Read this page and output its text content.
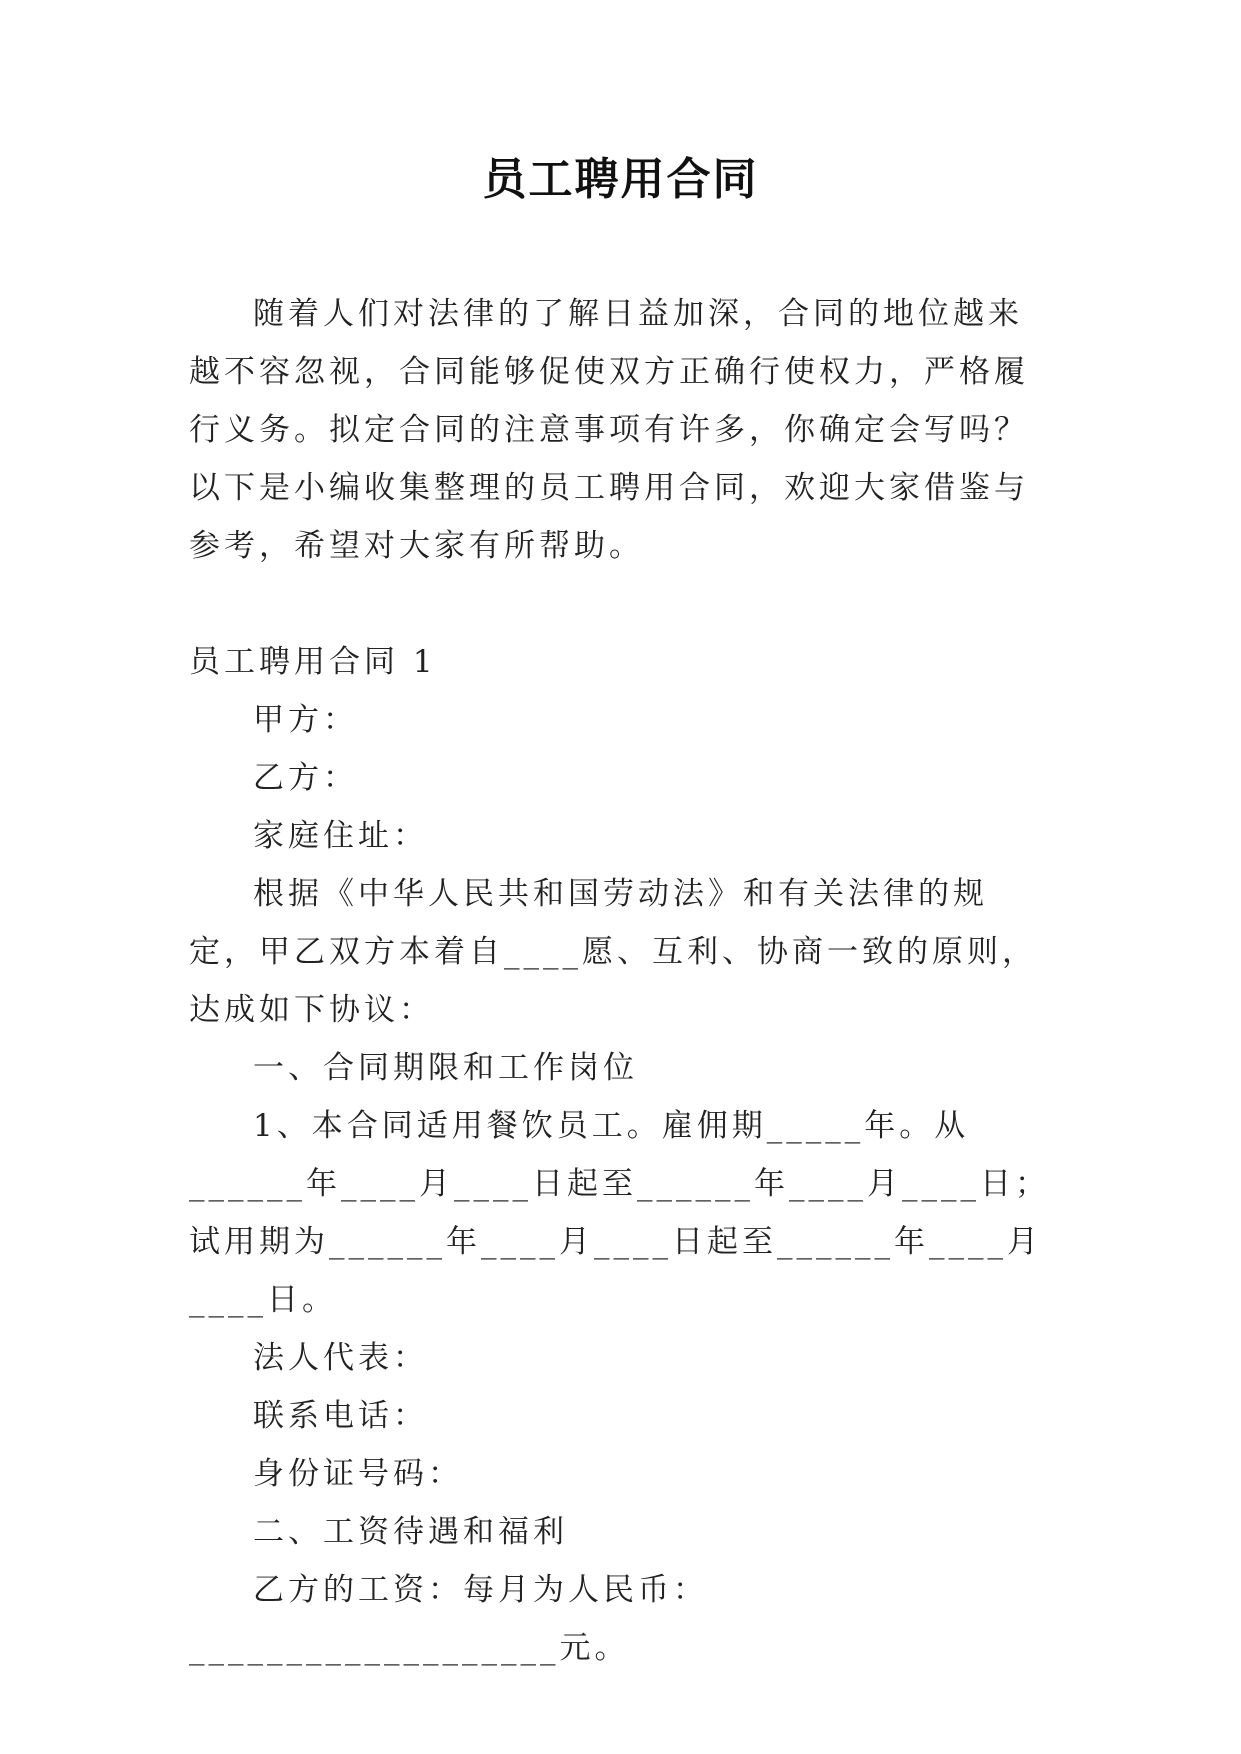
员工聘用合同

随着人们对法律的了解日益加深，合同的地位越来越不容忽视，合同能够促使双方正确行使权力，严格履行义务。拟定合同的注意事项有许多，你确定会写吗？以下是小编收集整理的员工聘用合同，欢迎大家借鉴与参考，希望对大家有所帮助。

员工聘用合同 1

甲方：

乙方：

家庭住址：

根据《中华人民共和国劳动法》和有关法律的规定，甲乙双方本着自____愿、互利、协商一致的原则，达成如下协议：

一、合同期限和工作岗位

1、本合同适用餐饮员工。雇佣期_____年。从______年____月____日起至______年____月____日；试用期为______年____月____日起至______年____月____日。

法人代表：

联系电话：

身份证号码：

二、工资待遇和福利

乙方的工资：每月为人民币：___________________元。
